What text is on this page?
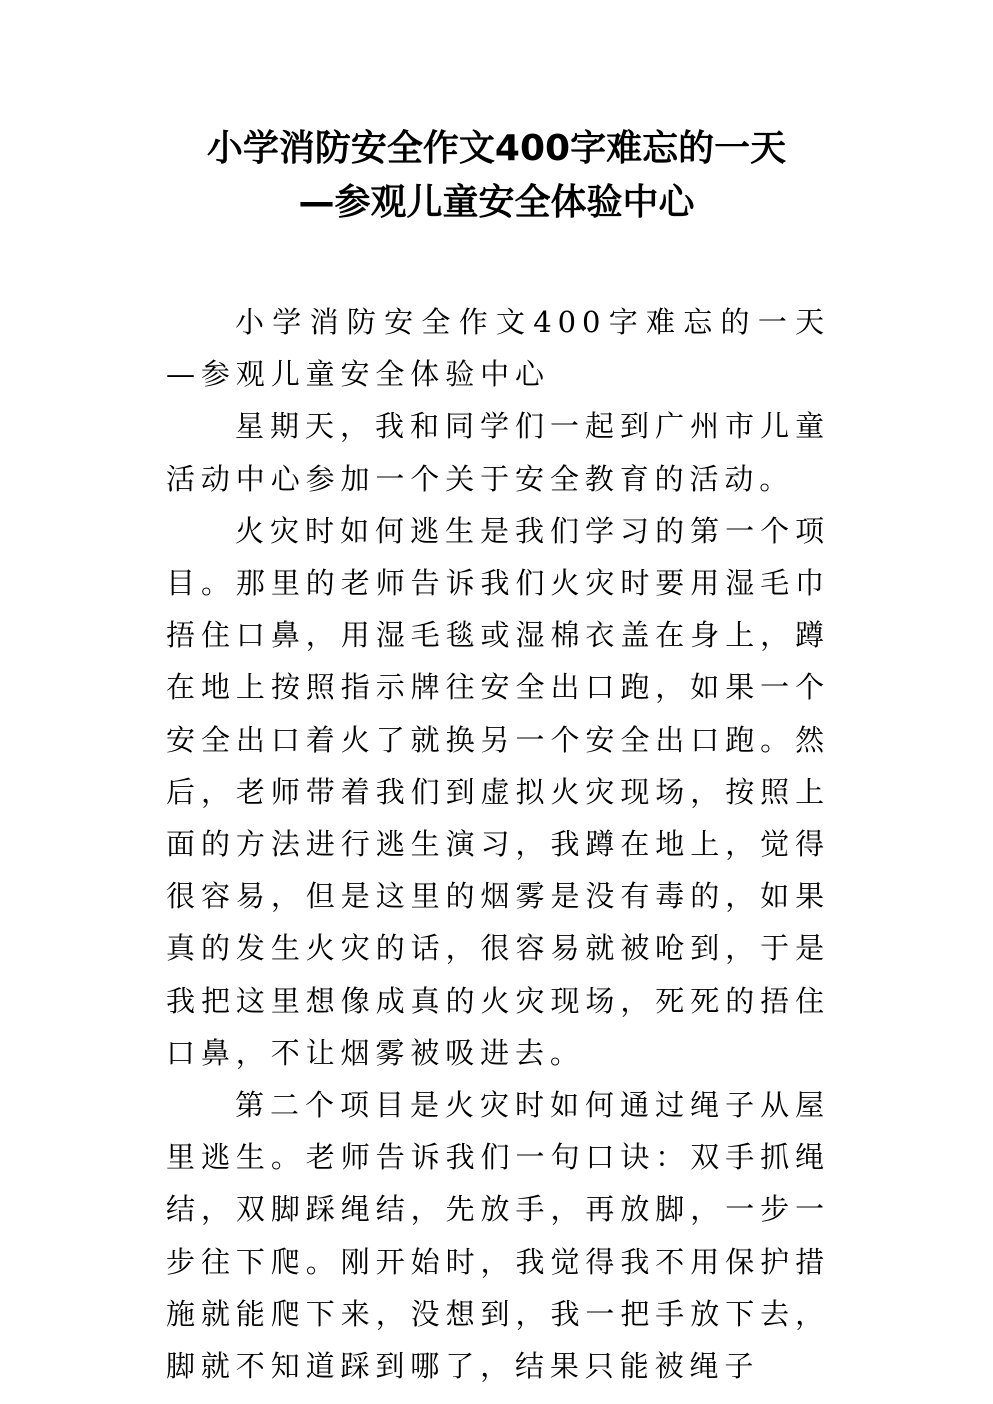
小学消防安全作文400字难忘的一天
—参观儿童安全体验中心

小学消防安全作文400字难忘的一天—参观儿童安全体验中心

星期天，我和同学们一起到广州市儿童活动中心参加一个关于安全教育的活动。

火灾时如何逃生是我们学习的第一个项目。那里的老师告诉我们火灾时要用湿毛巾捂住口鼻，用湿毛毯或湿棉衣盖在身上，蹲在地上按照指示牌往安全出口跑，如果一个安全出口着火了就换另一个安全出口跑。然后，老师带着我们到虚拟火灾现场，按照上面的方法进行逃生演习，我蹲在地上，觉得很容易，但是这里的烟雾是没有毒的，如果真的发生火灾的话，很容易就被呛到，于是我把这里想像成真的火灾现场，死死的捂住口鼻，不让烟雾被吸进去。

第二个项目是火灾时如何通过绳子从屋里逃生。老师告诉我们一句口诀：双手抓绳结，双脚踩绳结，先放手，再放脚，一步一步往下爬。刚开始时，我觉得我不用保护措施就能爬下来，没想到，我一把手放下去，脚就不知道踩到哪了，结果只能被绳子
